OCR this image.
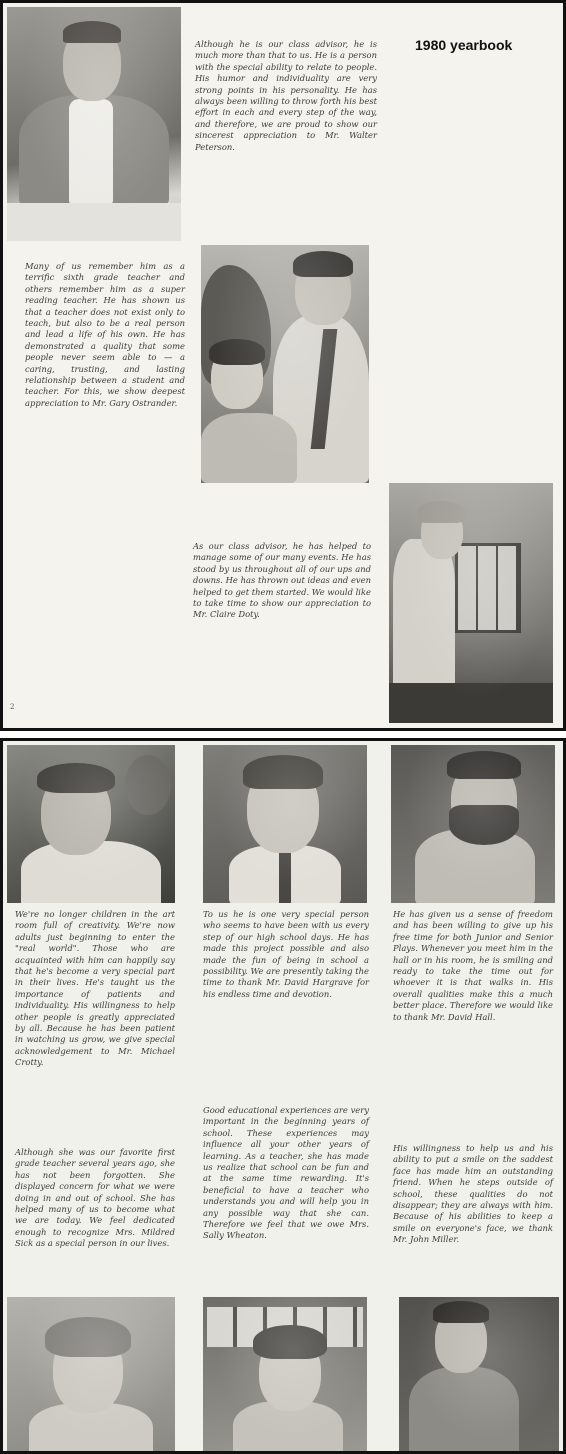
Although he is our class advisor, he is much more than that to us. He is a person with the special ability to relate to people. His humor and individuality are very strong points in his personality. He has always been willing to throw forth his best effort in each and every step of the way, and therefore, we are proud to show our sincerest appreciation to Mr. Walter Peterson.
1980 yearbook
Many of us remember him as a terrific sixth grade teacher and others remember him as a super reading teacher. He has shown us that a teacher does not exist only to teach, but also to be a real person and lead a life of his own. He has demonstrated a quality that some people never seem able to — a caring, trusting, and lasting relationship between a student and teacher. For this, we show deepest appreciation to Mr. Gary Ostrander.
As our class advisor, he has helped to manage some of our many events. He has stood by us throughout all of our ups and downs. He has thrown out ideas and even helped to get them started. We would like to take time to show our appreciation to Mr. Claire Doty.
2
We're no longer children in the art room full of creativity. We're now adults just beginning to enter the "real world". Those who are acquainted with him can happily say that he's become a very special part in their lives. He's taught us the importance of patients and individuality. His willingness to help other people is greatly appreciated by all. Because he has been patient in watching us grow, we give special acknowledgement to Mr. Michael Crotty.
To us he is one very special person who seems to have been with us every step of our high school days. He has made this project possible and also made the fun of being in school a possibility. We are presently taking the time to thank Mr. David Hargrave for his endless time and devotion.
He has given us a sense of freedom and has been willing to give up his free time for both Junior and Senior Plays. Whenever you meet him in the hall or in his room, he is smiling and ready to take the time out for whoever it is that walks in. His overall qualities make this a much better place. Therefore we would like to thank Mr. David Hall.
Although she was our favorite first grade teacher several years ago, she has not been forgotten. She displayed concern for what we were doing in and out of school. She has helped many of us to become what we are today. We feel dedicated enough to recognize Mrs. Mildred Sick as a special person in our lives.
Good educational experiences are very important in the beginning years of school. These experiences may influence all your other years of learning. As a teacher, she has made us realize that school can be fun and at the same time rewarding. It's beneficial to have a teacher who understands you and will help you in any possible way that she can. Therefore we feel that we owe Mrs. Sally Wheaton.
His willingness to help us and his ability to put a smile on the saddest face has made him an outstanding friend. When he steps outside of school, these qualities do not disappear; they are always with him. Because of his abilities to keep a smile on everyone's face, we thank Mr. John Miller.
